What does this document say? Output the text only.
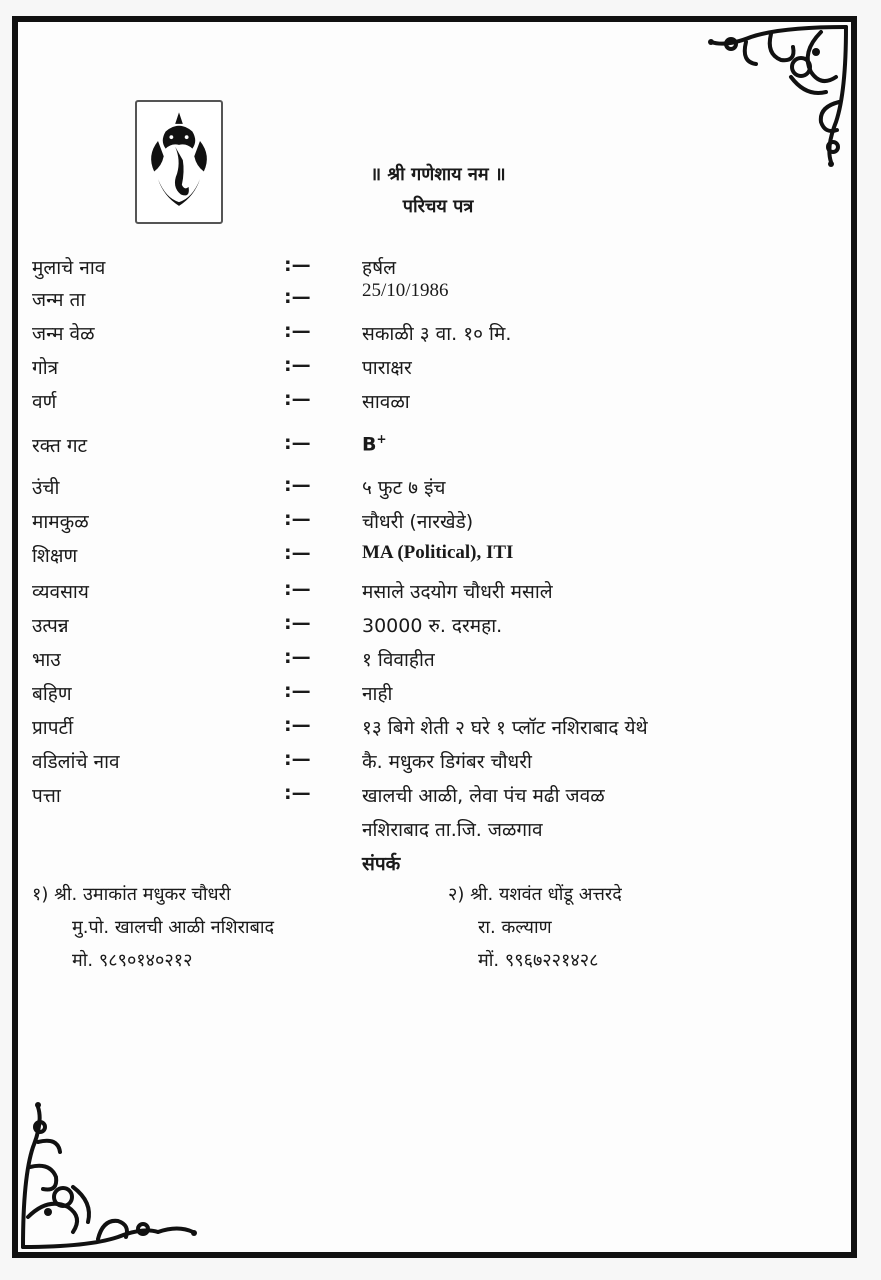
॥ श्री गणेशाय नम ॥
परिचय पत्र
मुलाचे नाव	:—	हर्षल
जन्म ता	:—	25/10/1986
जन्म वेळ	:—	सकाळी ३ वा. १० मि.
गोत्र	:—	पाराक्षर
वर्ण	:—	सावळा
रक्त गट	:—	B+
उंची	:—	५ फुट ७ इंच
मामकुळ	:—	चौधरी (नारखेडे)
शिक्षण	:—	MA (Political), ITI
व्यवसाय	:—	मसाले उदयोग चौधरी मसाले
उत्पन्न	:—	30000 रु. दरमहा.
भाउ	:—	१ विवाहीत
बहिण	:—	नाही
प्रापर्टी	:—	१३ बिगे शेती २ घरे १ प्लॉट नशिराबाद येथे
वडिलांचे नाव	:—	कै. मधुकर डिगंबर चौधरी
पत्ता	:—	खालची आळी, लेवा पंच मढी जवळ
नशिराबाद ता.जि. जळगाव
संपर्क
१) श्री. उमाकांत मधुकर चौधरी
मु.पो. खालची आळी नशिराबाद
मो. ९८९०१४०२१२
२) श्री. यशवंत धोंडू अत्तरदे
रा. कल्याण
मों. ९९६७२२१४२८
